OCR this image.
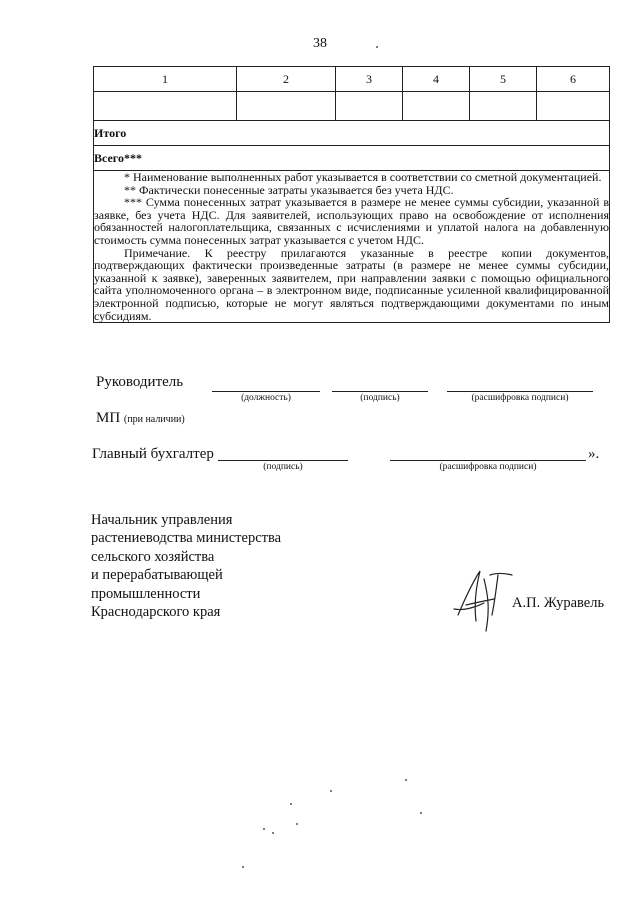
38
1	2	3	4	5	6

Итого					
Всего***					

* Наименование выполненных работ указывается в соответствии со сметной документацией.

** Фактически понесенные затраты указывается без учета НДС.

*** Сумма понесенных затрат указывается в размере не менее суммы субсидии, указанной в заявке, без учета НДС. Для заявителей, использующих право на освобождение от исполнения обязанностей налогоплательщика, связанных с исчислениями и уплатой налога на добавленную стоимость сумма понесенных затрат указывается с учетом НДС.

Примечание. К реестру прилагаются указанные в реестре копии документов, подтверждающих фактически произведенные затраты (в размере не менее суммы субсидии, указанной к заявке), заверенных заявителем, при направлении заявки с помощью официального сайта уполномоченного органа – в электронном виде, подписанные усиленной квалифицированной электронной подписью, которые не могут являться подтверждающими документами по иным субсидиям.					

Руководитель
(должность)	(подпись)	(расшифровка подписи)
МП (при наличии)
Главный бухгалтер	».
(подпись)	(расшифровка подписи)
Начальник управления
растениеводства министерства
сельского хозяйства
и перерабатывающей
промышленности
Краснодарского края
А.П. Журавель
